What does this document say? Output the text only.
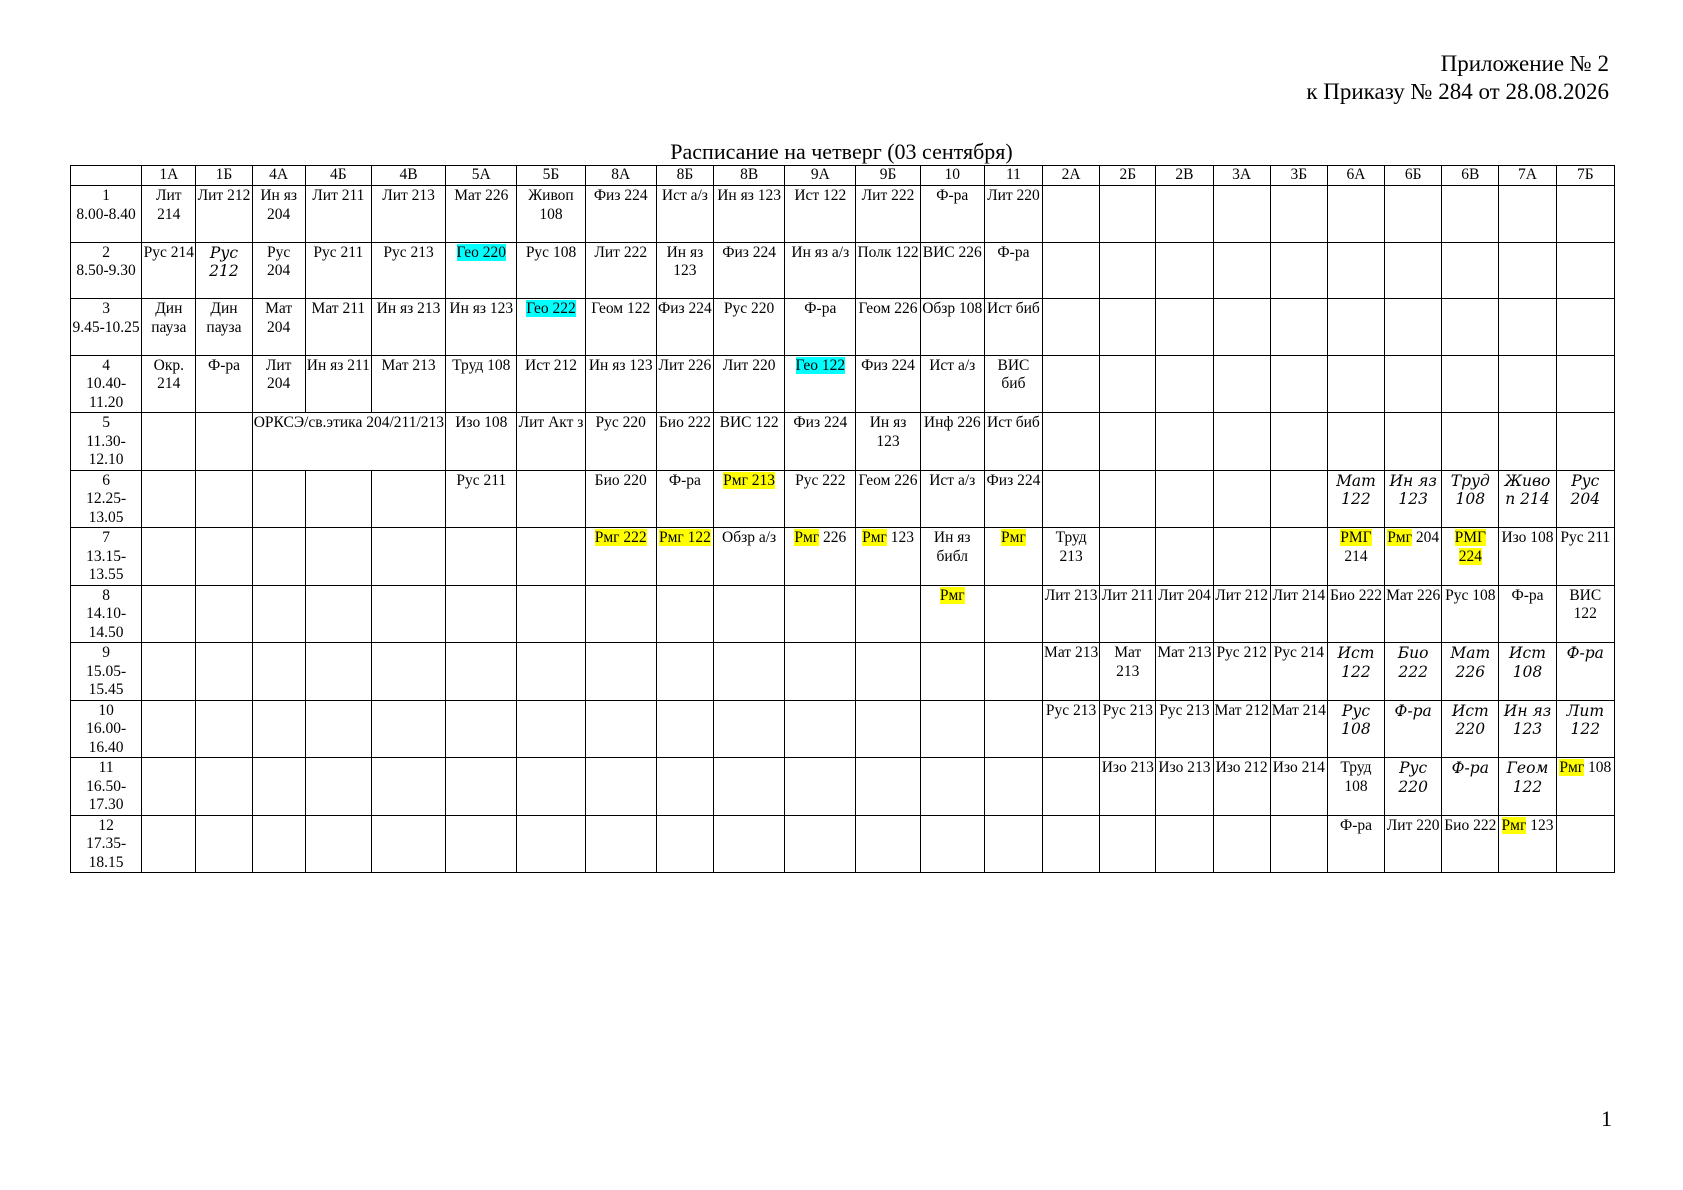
Приложение № 2
к Приказу № 284 от 28.08.2026
Расписание на четверг (03 сентября)
	1А	1Б	4А	4Б	4В	5А	5Б	8А	8Б	8В	9А	9Б	10	11	2А	2Б	2В	3А	3Б	6А	6Б	6В	7А	7Б

1
8.00-8.40	Лит 214	Лит 212	Ин яз 204	Лит 211	Лит 213	Мат 226	Живоп 108	Физ 224	Ист а/з	Ин яз 123	Ист 122	Лит 222	Ф-ра	Лит 220										

2
8.50-9.30	Рус 214	Рус 212	Рус 204	Рус 211	Рус 213	Гео 220	Рус 108	Лит 222	Ин яз 123	Физ 224	Ин яз а/з	Полк 122	ВИС 226	Ф-ра										

3
9.45-10.25	Дин пауза	Дин пауза	Мат 204	Мат 211	Ин яз 213	Ин яз 123	Гео 222	Геом 122	Физ 224	Рус 220	Ф-ра	Геом 226	Обзр 108	Ист биб										

4
10.40-11.20	Окр. 214	Ф-ра	Лит 204	Ин яз 211	Мат 213	Труд 108	Ист 212	Ин яз 123	Лит 226	Лит 220	Гео 122	Физ 224	Ист а/з	ВИС биб										

5
11.30-12.10			ОРКСЭ/св.этика 204/211/213			Изо 108	Лит Акт з	Рус 220	Био 222	ВИС 122	Физ 224	Ин яз 123	Инф 226	Ист биб										

6
12.25-13.05						Рус 211		Био 220	Ф-ра	Рмг 213	Рус 222	Геом 226	Ист а/з	Физ 224						Мат 122	Ин яз 123	Труд 108	Живоп 214	Рус 204

7
13.15-13.55								Рмг 222	Рмг 122	Обзр а/з	Рмг 226	Рмг 123	Ин яз библ	Рмг	Труд 213					РМГ 214	Рмг 204	РМГ 224	Изо 108	Рус 211

8
14.10-14.50													Рмг		Лит 213	Лит 211	Лит 204	Лит 212	Лит 214	Био 222	Мат 226	Рус 108	Ф-ра	ВИС 122

9
15.05-15.45															Мат 213	Мат 213	Мат 213	Рус 212	Рус 214	Ист 122	Био 222	Мат 226	Ист 108	Ф-ра

10
16.00-16.40															Рус 213	Рус 213	Рус 213	Мат 212	Мат 214	Рус 108	Ф-ра	Ист 220	Ин яз 123	Лит 122

11
16.50-17.30																Изо 213	Изо 213	Изо 212	Изо 214	Труд 108	Рус 220	Ф-ра	Геом 122	Рмг 108

12
17.35-18.15																				Ф-ра	Лит 220	Био 222	Рмг 123	
1
